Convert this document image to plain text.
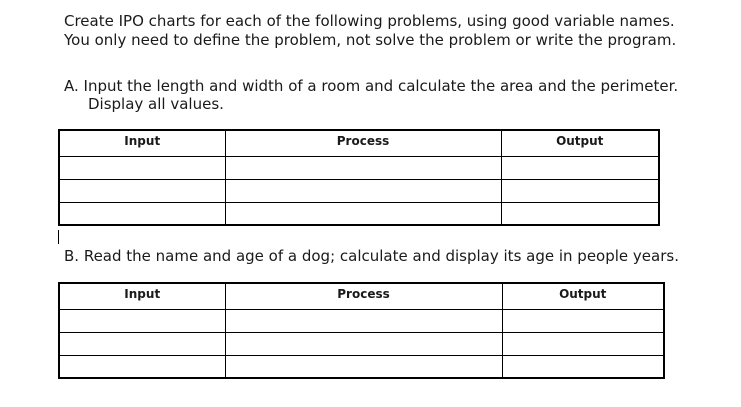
Create IPO charts for each of the following problems, using good variable names.

You only need to define the problem, not solve the problem or write the program.

A. Input the length and width of a room and calculate the area and the perimeter.

Display all values.

Input	Process	Output

B. Read the name and age of a dog; calculate and display its age in people years.

Input	Process	Output
